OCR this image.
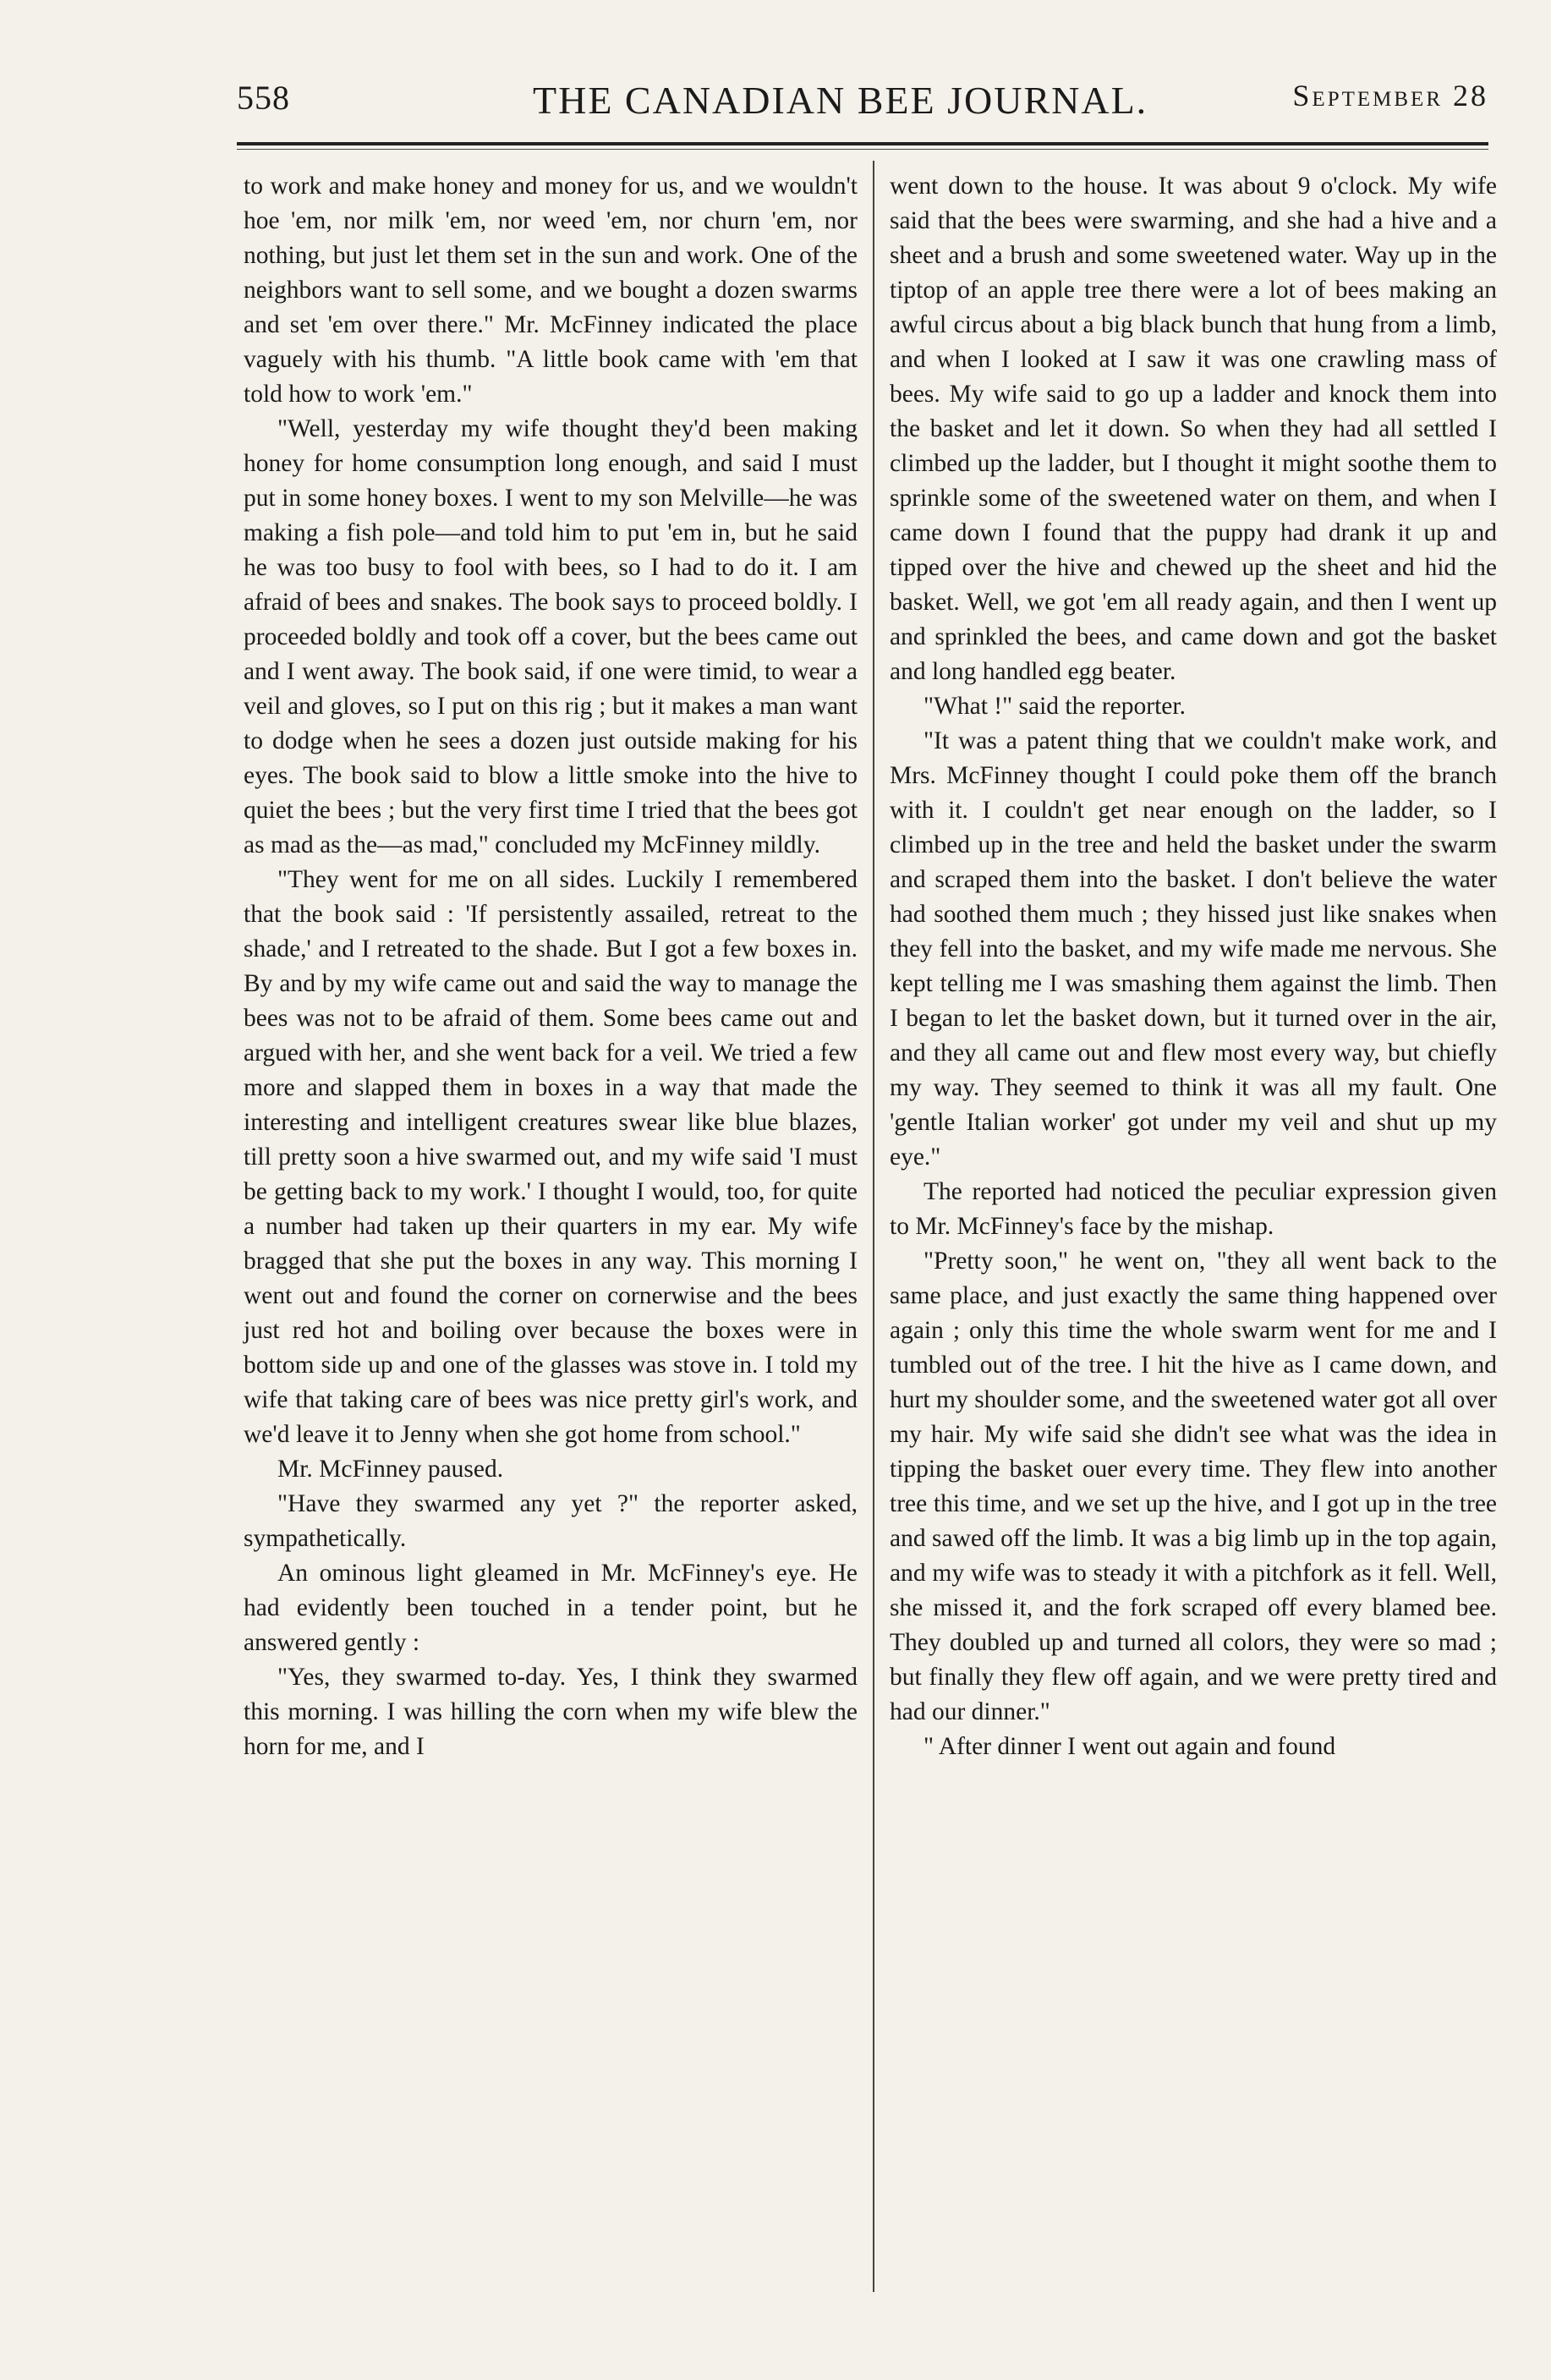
558	THE CANADIAN BEE JOURNAL.	September 28

to work and make honey and money for us, and we wouldn't hoe 'em, nor milk 'em, nor weed 'em, nor churn 'em, nor nothing, but just let them set in the sun and work. One of the neighbors want to sell some, and we bought a dozen swarms and set 'em over there." Mr. McFinney indicated the place vaguely with his thumb. "A little book came with 'em that told how to work 'em."

"Well, yesterday my wife thought they'd been making honey for home consumption long enough, and said I must put in some honey boxes. I went to my son Melville—he was making a fish pole—and told him to put 'em in, but he said he was too busy to fool with bees, so I had to do it. I am afraid of bees and snakes. The book says to proceed boldly. I proceeded boldly and took off a cover, but the bees came out and I went away. The book said, if one were timid, to wear a veil and gloves, so I put on this rig ; but it makes a man want to dodge when he sees a dozen just outside making for his eyes. The book said to blow a little smoke into the hive to quiet the bees ; but the very first time I tried that the bees got as mad as the—as mad," concluded my McFinney mildly.

"They went for me on all sides. Luckily I remembered that the book said : 'If persistently assailed, retreat to the shade,' and I retreated to the shade. But I got a few boxes in. By and by my wife came out and said the way to manage the bees was not to be afraid of them. Some bees came out and argued with her, and she went back for a veil. We tried a few more and slapped them in boxes in a way that made the interesting and intelligent creatures swear like blue blazes, till pretty soon a hive swarmed out, and my wife said 'I must be getting back to my work.' I thought I would, too, for quite a number had taken up their quarters in my ear. My wife bragged that she put the boxes in any way. This morning I went out and found the corner on cornerwise and the bees just red hot and boiling over because the boxes were in bottom side up and one of the glasses was stove in. I told my wife that taking care of bees was nice pretty girl's work, and we'd leave it to Jenny when she got home from school."

Mr. McFinney paused.

"Have they swarmed any yet ?" the reporter asked, sympathetically.

An ominous light gleamed in Mr. McFinney's eye. He had evidently been touched in a tender point, but he answered gently :

"Yes, they swarmed to-day. Yes, I think they swarmed this morning. I was hilling the corn when my wife blew the horn for me, and I

went down to the house. It was about 9 o'clock. My wife said that the bees were swarming, and she had a hive and a sheet and a brush and some sweetened water. Way up in the tiptop of an apple tree there were a lot of bees making an awful circus about a big black bunch that hung from a limb, and when I looked at I saw it was one crawling mass of bees. My wife said to go up a ladder and knock them into the basket and let it down. So when they had all settled I climbed up the ladder, but I thought it might soothe them to sprinkle some of the sweetened water on them, and when I came down I found that the puppy had drank it up and tipped over the hive and chewed up the sheet and hid the basket. Well, we got 'em all ready again, and then I went up and sprinkled the bees, and came down and got the basket and long handled egg beater.

"What !" said the reporter.

"It was a patent thing that we couldn't make work, and Mrs. McFinney thought I could poke them off the branch with it. I couldn't get near enough on the ladder, so I climbed up in the tree and held the basket under the swarm and scraped them into the basket. I don't believe the water had soothed them much ; they hissed just like snakes when they fell into the basket, and my wife made me nervous. She kept telling me I was smashing them against the limb. Then I began to let the basket down, but it turned over in the air, and they all came out and flew most every way, but chiefly my way. They seemed to think it was all my fault. One 'gentle Italian worker' got under my veil and shut up my eye."

The reported had noticed the peculiar expression given to Mr. McFinney's face by the mishap.

"Pretty soon," he went on, "they all went back to the same place, and just exactly the same thing happened over again ; only this time the whole swarm went for me and I tumbled out of the tree. I hit the hive as I came down, and hurt my shoulder some, and the sweetened water got all over my hair. My wife said she didn't see what was the idea in tipping the basket ouer every time. They flew into another tree this time, and we set up the hive, and I got up in the tree and sawed off the limb. It was a big limb up in the top again, and my wife was to steady it with a pitchfork as it fell. Well, she missed it, and the fork scraped off every blamed bee. They doubled up and turned all colors, they were so mad ; but finally they flew off again, and we were pretty tired and had our dinner."

" After dinner I went out again and found
